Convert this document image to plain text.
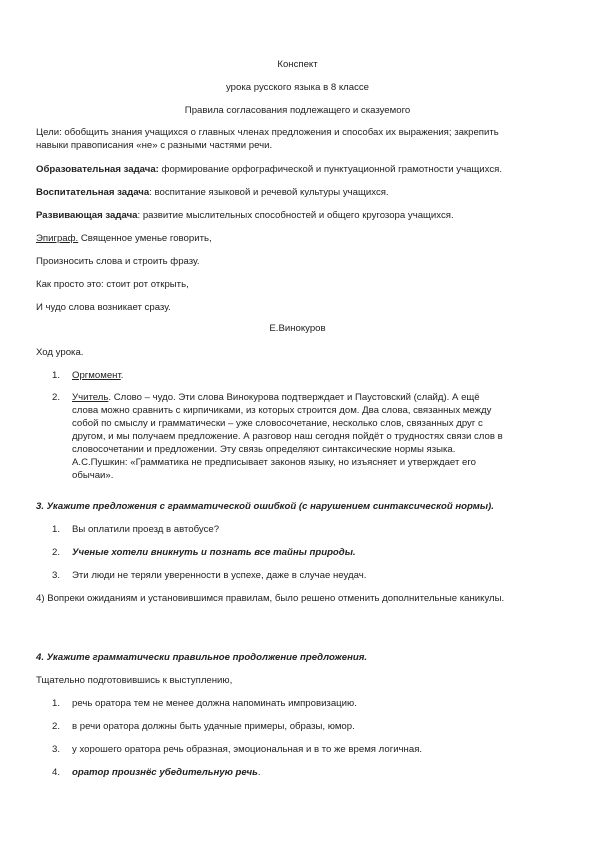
Конспект
урока русского языка в 8 классе
Правила согласования подлежащего и сказуемого
Цели: обобщить знания учащихся о главных членах предложения и способах их выражения; закрепить
навыки правописания «не» с разными частями речи.
Образовательная задача: формирование орфографической и пунктуационной грамотности учащихся.
Воспитательная задача: воспитание языковой и речевой культуры учащихся.
Развивающая задача: развитие мыслительных способностей и общего кругозора учащихся.
Эпиграф. Священное уменье говорить,
Произносить слова и строить фразу.
Как просто это: стоит рот открыть,
И чудо слова возникает сразу.
Е.Винокуров
Ход урока.
1.	Оргмомент.
2.	Учитель. Слово – чудо. Эти слова Винокурова подтверждает и Паустовский (слайд). А ещё
слова можно сравнить с кирпичиками, из которых строится дом. Два слова, связанных между
собой по смыслу и грамматически – уже словосочетание, несколько слов, связанных друг с
другом, и мы получаем предложение. А разговор наш сегодня пойдёт о трудностях связи слов в
словосочетании и предложении. Эту связь определяют синтаксические нормы языка.
А.С.Пушкин: «Грамматика не предписывает законов языку, но изъясняет и утверждает его
обычаи».
3. Укажите предложения с грамматической ошибкой (с нарушением синтаксической нормы).
1.	Вы оплатили проезд в автобусе?
2.	Ученые хотели вникнуть и познать все тайны природы.
3.	Эти люди не теряли уверенности в успехе, даже в случае неудач.
4) Вопреки ожиданиям и установившимся правилам, было решено отменить дополнительные каникулы.
4. Укажите грамматически правильное продолжение предложения.
Тщательно подготовившись к выступлению,
1.	речь оратора тем не менее должна напоминать импровизацию.
2.	в речи оратора должны быть удачные примеры, образы, юмор.
3.	у хорошего оратора речь образная, эмоциональная и в то же время логичная.
4.	оратор произнёс убедительную речь.
